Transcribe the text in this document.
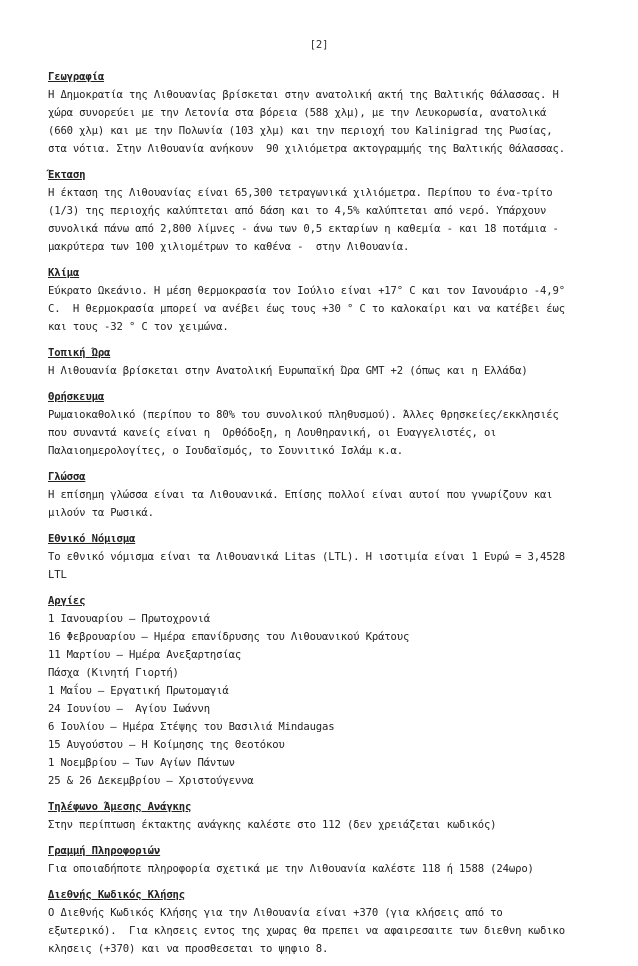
[2]
Γεωγραφία
Η Δημοκρατία της Λιθουανίας βρίσκεται στην ανατολική ακτή της Βαλτικής Θάλασσας. Η
χώρα συνορεύει με την Λετονία στα βόρεια (588 χλμ), με την Λευκορωσία, ανατολικά
(660 χλμ) και με την Πολωνία (103 χλμ) και την περιοχή του Kalinigrad της Ρωσίας,
στα νότια. Στην Λιθουανία ανήκουν  90 χιλιόμετρα ακτογραμμής της Βαλτικής Θάλασσας.
Έκταση
Η έκταση της Λιθουανίας είναι 65,300 τετραγωνικά χιλιόμετρα. Περίπου το ένα-τρίτο
(1/3) της περιοχής καλύπτεται από δάση και το 4,5% καλύπτεται από νερό. Υπάρχουν
συνολικά πάνω από 2,800 λίμνες - άνω των 0,5 εκταρίων η καθεμία - και 18 ποτάμια -
μακρύτερα των 100 χιλιομέτρων το καθένα -  στην Λιθουανία.
Κλίμα
Εύκρατο Ωκεάνιο. Η μέση θερμοκρασία τον Ιούλιο είναι +17° C και τον Ιανουάριο -4,9°
C.  Η θερμοκρασία μπορεί να ανέβει έως τους +30 ° C το καλοκαίρι και να κατέβει έως
και τους -32 ° C τον χειμώνα.
Τοπική Ώρα
Η Λιθουανία βρίσκεται στην Ανατολική Ευρωπαϊκή Ώρα GMT +2 (όπως και η Ελλάδα)
Θρήσκευμα
Ρωμαιοκαθολικό (περίπου το 80% του συνολικού πληθυσμού). Άλλες θρησκείες/εκκλησιές
που συναντά κανείς είναι η  Ορθόδοξη, η Λουθηρανική, οι Ευαγγελιστές, οι
Παλαιοημερολογίτες, ο Ιουδαϊσμός, το Σουνιτικό Ισλάμ κ.α.
Γλώσσα
Η επίσημη γλώσσα είναι τα Λιθουανικά. Επίσης πολλοί είναι αυτοί που γνωρίζουν και
μιλούν τα Ρωσικά.
Εθνικό Νόμισμα
Το εθνικό νόμισμα είναι τα Λιθουανικά Litas (LTL). Η ισοτιμία είναι 1 Ευρώ = 3,4528
LTL
Αργίες
1 Ιανουαρίου – Πρωτοχρονιά
16 Φεβρουαρίου – Ημέρα επανίδρυσης του Λιθουανικού Κράτους
11 Μαρτίου – Ημέρα Ανεξαρτησίας
Πάσχα (Κινητή Γιορτή)
1 Μαΐου – Εργατική Πρωτομαγιά
24 Ιουνίου –  Αγίου Ιωάννη
6 Ιουλίου – Ημέρα Στέψης του Βασιλιά Mindaugas
15 Αυγούστου – Η Κοίμησης της Θεοτόκου
1 Νοεμβρίου – Των Αγίων Πάντων
25 & 26 Δεκεμβρίου – Χριστούγεννα
Τηλέφωνο Άμεσης Ανάγκης
Στην περίπτωση έκτακτης ανάγκης καλέστε στο 112 (δεν χρειάζεται κωδικός)
Γραμμή Πληροφοριών
Για οποιαδήποτε πληροφορία σχετικά με την Λιθουανία καλέστε 118 ή 1588 (24ωρο)
Διεθνής Κωδικός Κλήσης
Ο Διεθνής Κωδικός Κλήσης για την Λιθουανία είναι +370 (για κλήσεις από το
εξωτερικό).  Για κλησεις εντος της χωρας θα πρεπει να αφαιρεσαιτε των διεθνη κωδικο
κλησεις (+370) και να προσθεσεται το ψηφιο 8.
